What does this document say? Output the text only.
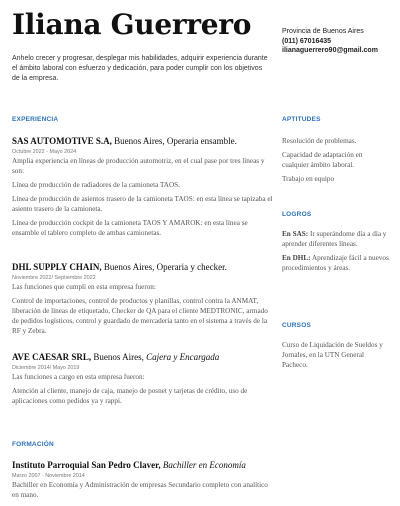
Iliana Guerrero
Anhelo crecer y progresar, desplegar mis habilidades, adquirir experiencia durante el ámbito laboral con esfuerzo y dedicación, para poder cumplir con los objetivos de la empresa.
Provincia de Buenos Aires
(011) 67016435
ilianaguerrero90@gmail.com
EXPERIENCIA
SAS AUTOMOTIVE S.A, Buenos Aires, Operaria ensamble.
Octubre 2022 - Mayo 2024
Amplia experiencia en líneas de producción automotriz, en el cual pase por tres líneas y son:
Línea de producción de radiadores de la camioneta TAOS.
Línea de producción de asientos trasero de la camioneta TAOS: en esta línea se tapizaba el asiento trasero de la camioneta.
Línea de producción cockpit de la camioneta TAOS Y AMAROK: en esta línea se ensamble el tablero completo de ambas camionetas.
DHL SUPPLY CHAIN, Buenos Aires, Operaria y checker.
Noviembre 2022/ Septiembre 2022
Las funciones que cumplí en esta empresa fueron:
Control de importaciones, control de productos y planillas, control contra la ANMAT, liberación de líneas de etiquetado, Checker de QA para el cliente MEDTRONIC, armado de pedidos logísticos, control y guardado de mercadería tanto en el sistema a través de la RF y Zebra.
AVE CAESAR SRL, Buenos Aires, Cajera y Encargada
Diciembre 2014/ Mayo 2019
Las funciones a cargo en esta empresa fueron:
Atención al cliente, manejo de caja, manejo de posnet y tarjetas de crédito, uso de aplicaciones como pedidos ya y rappi.
FORMACIÓN
Instituto Parroquial San Pedro Claver, Bachiller en Economía
Marzo 2007 - Noviembre 2014
Bachiller en Economía y Administración de empresas Secundario completo con analítico en mano.
APTITUDES

Resolución de problemas.

Capacidad de adaptación en cualquier ámbito laboral.

Trabajo en equipo

LOGROS

En SAS: Ir superándome día a día y aprender diferentes líneas.

En DHL: Aprendizaje fácil a nuevos procedimientos y áreas.

CURSOS
Curso de Liquidación de Sueldos y Jornales, en la UTN General Pacheco.
